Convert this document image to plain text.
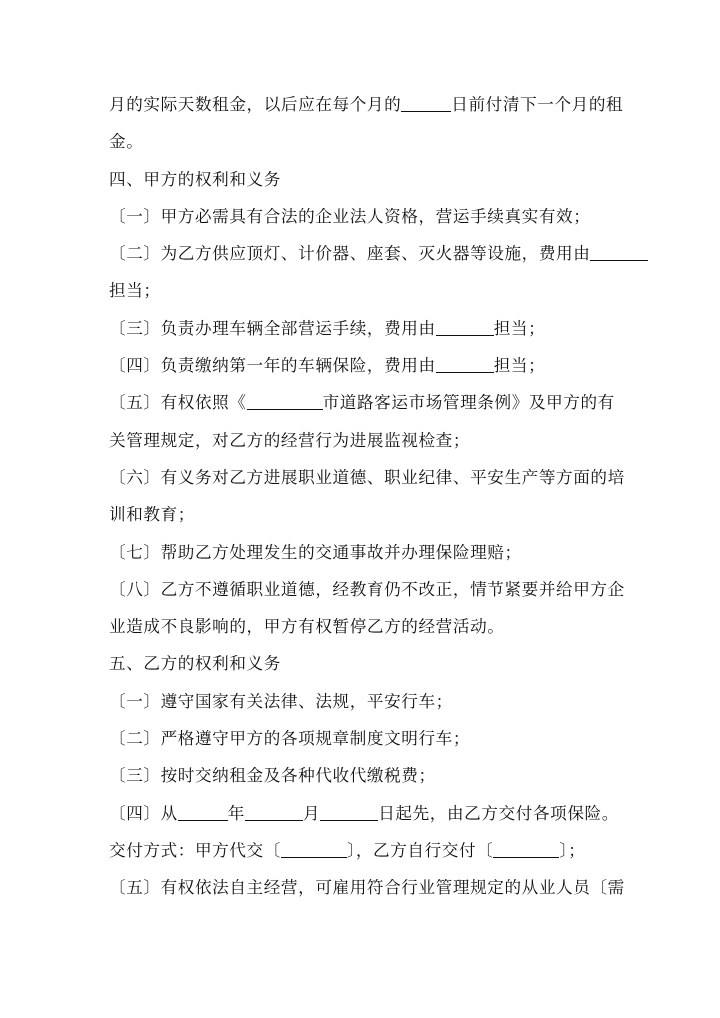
月的实际天数租金，以后应在每个月的	日前付清下一个月的租
金。
四、甲方的权利和义务
〔一〕甲方必需具有合法的企业法人资格，营运手续真实有效；
〔二〕为乙方供应顶灯、计价器、座套、灭火器等设施，费用由
担当；
〔三〕负责办理车辆全部营运手续，费用由	担当；
〔四〕负责缴纳第一年的车辆保险，费用由	担当；
〔五〕有权依照《	市道路客运市场管理条例》及甲方的有
关管理规定，对乙方的经营行为进展监视检查；
〔六〕有义务对乙方进展职业道德、职业纪律、平安生产等方面的培
训和教育；
〔七〕帮助乙方处理发生的交通事故并办理保险理赔；
〔八〕乙方不遵循职业道德，经教育仍不改正，情节紧要并给甲方企
业造成不良影响的，甲方有权暂停乙方的经营活动。
五、乙方的权利和义务
〔一〕遵守国家有关法律、法规，平安行车；
〔二〕严格遵守甲方的各项规章制度文明行车；
〔三〕按时交纳租金及各种代收代缴税费；
〔四〕从	年	月	日起先，由乙方交付各项保险。
交付方式：甲方代交〔	〕，乙方自行交付〔	〕；
〔五〕有权依法自主经营，可雇用符合行业管理规定的从业人员〔需
